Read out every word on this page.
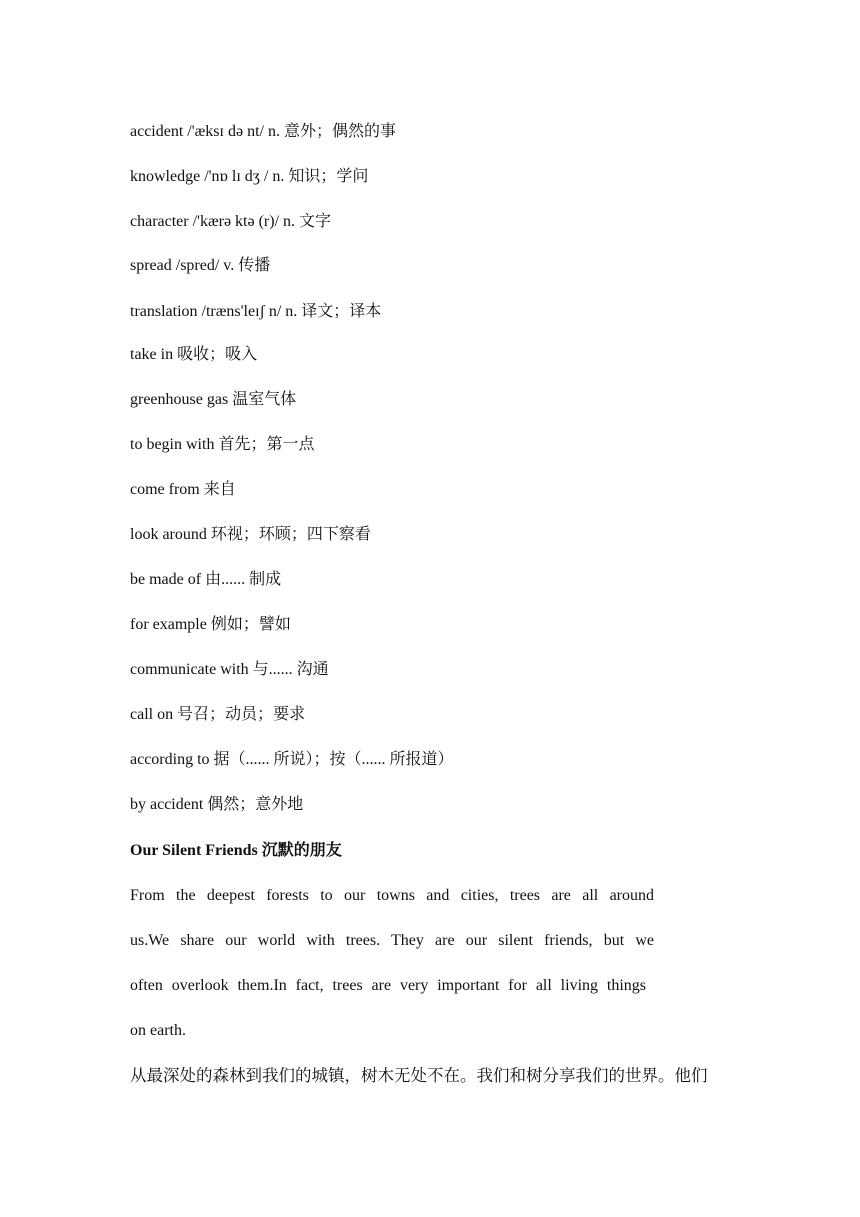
accident /'æksɪ də nt/ n. 意外；偶然的事
knowledge /'nɒ lɪ dʒ / n. 知识；学问
character /'kærə ktə (r)/ n. 文字
spread /spred/ v. 传播
translation /træns'leɪʃ n/ n. 译文；译本
take in 吸收；吸入
greenhouse gas 温室气体
to begin with 首先；第一点
come from 来自
look around 环视；环顾；四下察看
be made of 由...... 制成
for example 例如；譬如
communicate with 与...... 沟通
call on 号召；动员；要求
according to 据（...... 所说）；按（...... 所报道）
by accident 偶然；意外地
Our Silent Friends 沉默的朋友
From the deepest forests to our towns and cities, trees are all around
us.We share our world with trees. They are our silent friends, but we
often overlook them.In fact, trees are very important for all living things
on earth.
从最深处的森林到我们的城镇，树木无处不在。我们和树分享我们的世界。他们
